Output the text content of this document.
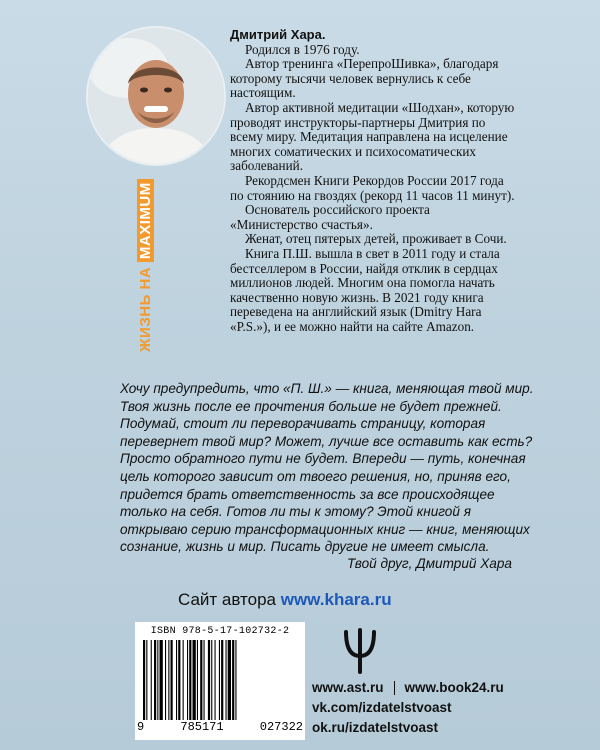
ЖИЗНЬ НА MAXIMUM

Дмитрий Хара.

Родился в 1976 году.

Автор тренинга «ПерепроШивка», благодаря которому тысячи человек вернулись к себе настоящим.

Автор активной медитации «Шодхан», которую проводят инструкторы-партнеры Дмитрия по всему миру. Медитация направлена на исцеление многих соматических и психосоматических заболеваний.

Рекордсмен Книги Рекордов России 2017 года по стоянию на гвоздях (рекорд 11 часов 11 минут).

Основатель российского проекта «Министерство счастья».

Женат, отец пятерых детей, проживает в Сочи.

Книга П.Ш. вышла в свет в 2011 году и стала бестселлером в России, найдя отклик в сердцах миллионов людей. Многим она помогла начать качественно новую жизнь. В 2021 году книга переведена на английский язык (Dmitry Hara «P.S.»), и ее можно найти на сайте Amazon.

Хочу предупредить, что «П. Ш.» — книга, меняющая твой мир. Твоя жизнь после ее прочтения больше не будет прежней. Подумай, стоит ли переворачивать страницу, которая перевернет твой мир? Может, лучше все оставить как есть? Просто обратного пути не будет. Впереди — путь, конечная цель которого зависит от твоего решения, но, приняв его, придется брать ответственность за все происходящее только на себя. Готов ли ты к этому? Этой книгой я открываю серию трансформационных книг — книг, меняющих сознание, жизнь и мир. Писать другие не имеет смысла.
Твой друг, Дмитрий Хара
Сайт автора www.khara.ru
ISBN 978-5-17-102732-2
9	785171	027322
www.ast.ru www.book24.ru
vk.com/izdatelstvoast
ok.ru/izdatelstvoast
